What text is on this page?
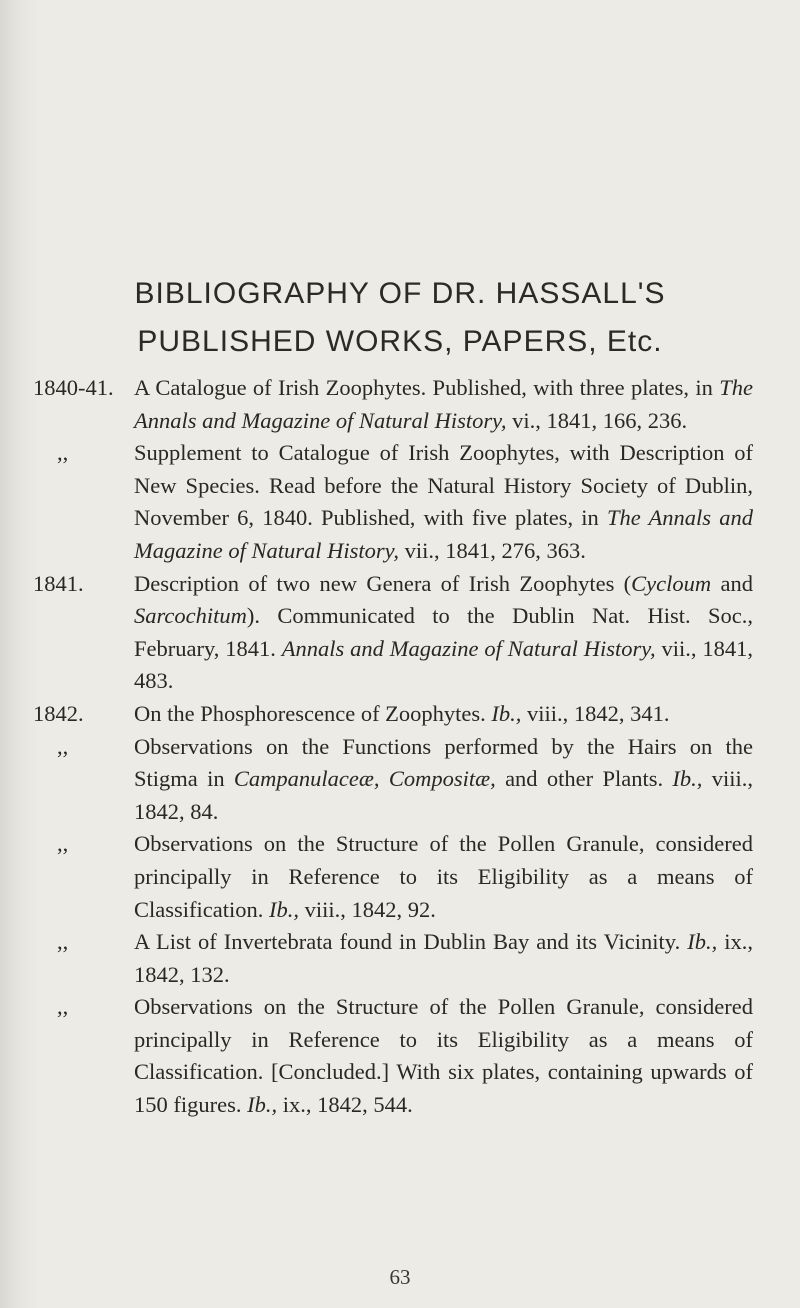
BIBLIOGRAPHY OF DR. HASSALL'S
PUBLISHED WORKS, PAPERS, Etc.
1840-41. A Catalogue of Irish Zoophytes. Published, with three plates, in The Annals and Magazine of Natural History, vi., 1841, 166, 236.
,,	Supplement to Catalogue of Irish Zoophytes, with Description of New Species. Read before the Natural History Society of Dublin, November 6, 1840. Published, with five plates, in The Annals and Magazine of Natural History, vii., 1841, 276, 363.
1841. Description of two new Genera of Irish Zoophytes (Cycloum and Sarcochitum). Communicated to the Dublin Nat. Hist. Soc., February, 1841. Annals and Magazine of Natural History, vii., 1841, 483.
1842. On the Phosphorescence of Zoophytes. Ib., viii., 1842, 341.
,,	Observations on the Functions performed by the Hairs on the Stigma in Campanulaceæ, Compositæ, and other Plants. Ib., viii., 1842, 84.
,,	Observations on the Structure of the Pollen Granule, considered principally in Reference to its Eligibility as a means of Classification. Ib., viii., 1842, 92.
,,	A List of Invertebrata found in Dublin Bay and its Vicinity. Ib., ix., 1842, 132.
,,	Observations on the Structure of the Pollen Granule, considered principally in Reference to its Eligibility as a means of Classification. [Concluded.] With six plates, containing upwards of 150 figures. Ib., ix., 1842, 544.
63
